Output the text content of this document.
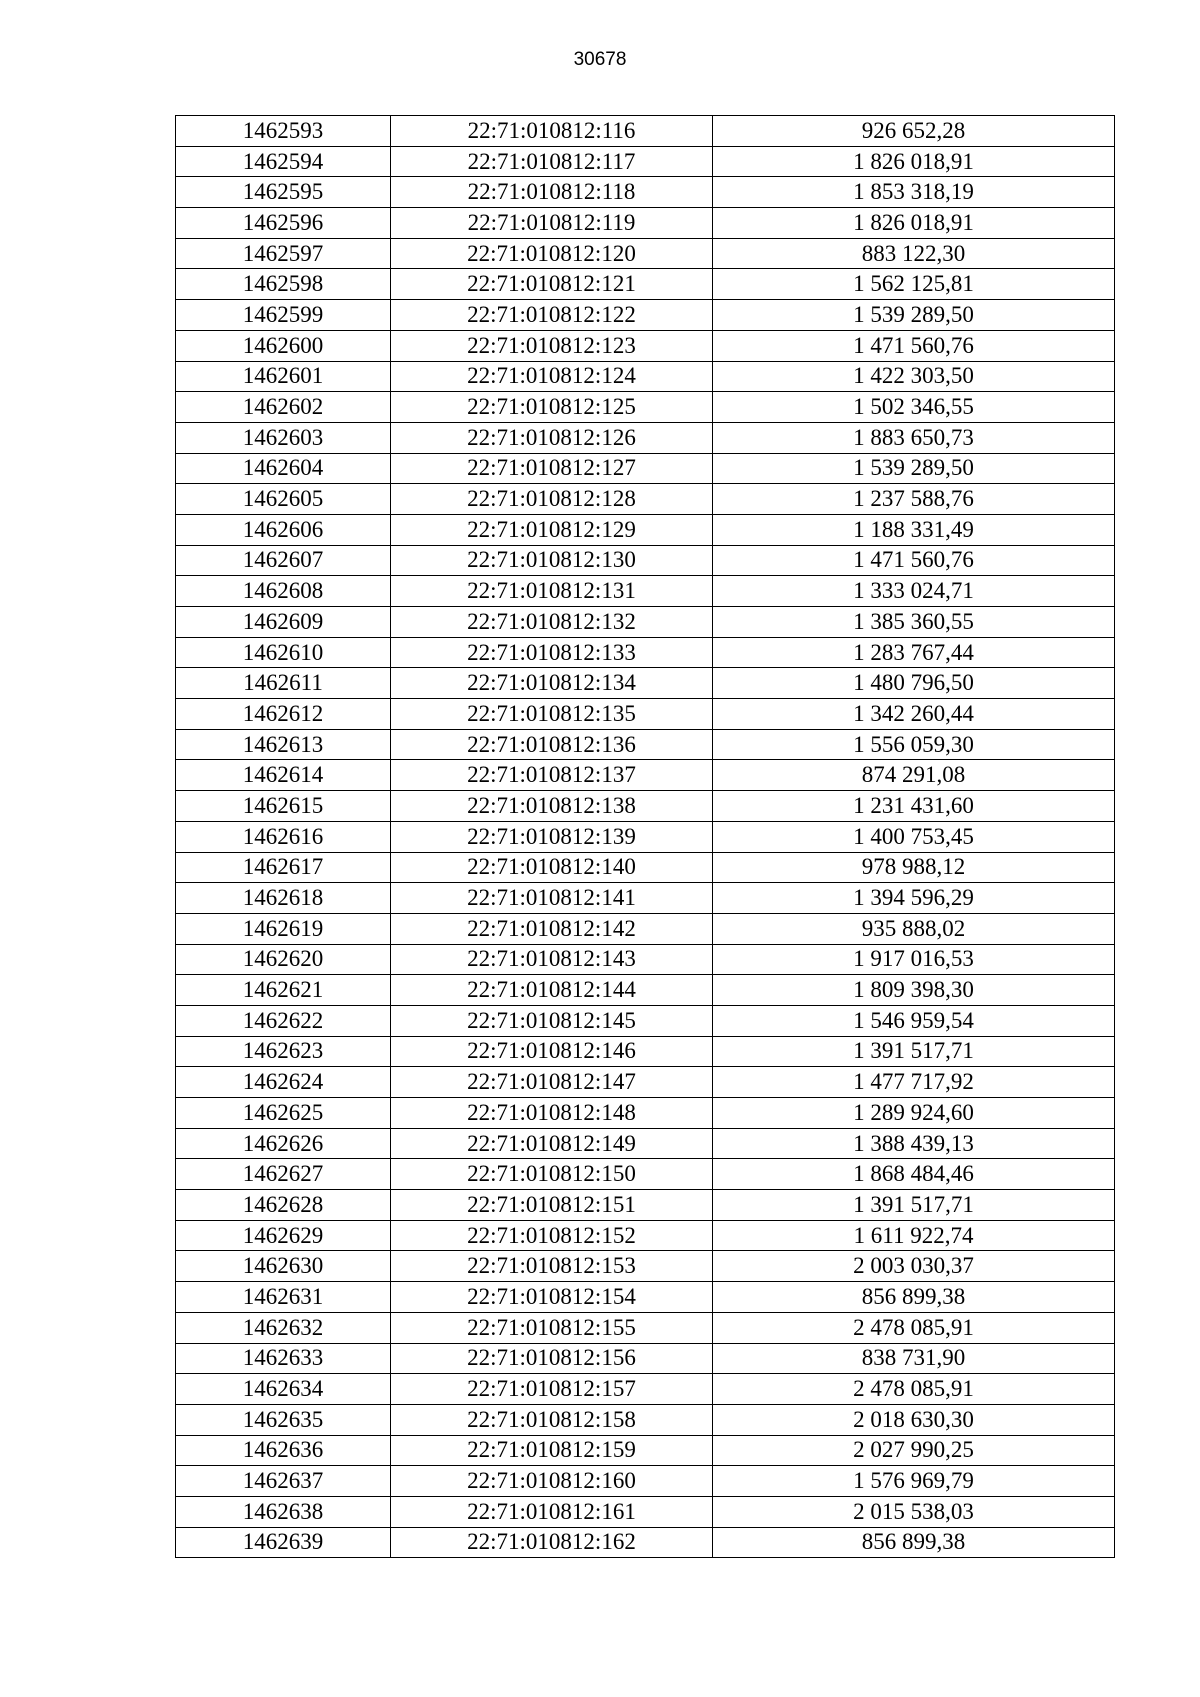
30678
1462593	22:71:010812:116	926 652,28
1462594	22:71:010812:117	1 826 018,91
1462595	22:71:010812:118	1 853 318,19
1462596	22:71:010812:119	1 826 018,91
1462597	22:71:010812:120	883 122,30
1462598	22:71:010812:121	1 562 125,81
1462599	22:71:010812:122	1 539 289,50
1462600	22:71:010812:123	1 471 560,76
1462601	22:71:010812:124	1 422 303,50
1462602	22:71:010812:125	1 502 346,55
1462603	22:71:010812:126	1 883 650,73
1462604	22:71:010812:127	1 539 289,50
1462605	22:71:010812:128	1 237 588,76
1462606	22:71:010812:129	1 188 331,49
1462607	22:71:010812:130	1 471 560,76
1462608	22:71:010812:131	1 333 024,71
1462609	22:71:010812:132	1 385 360,55
1462610	22:71:010812:133	1 283 767,44
1462611	22:71:010812:134	1 480 796,50
1462612	22:71:010812:135	1 342 260,44
1462613	22:71:010812:136	1 556 059,30
1462614	22:71:010812:137	874 291,08
1462615	22:71:010812:138	1 231 431,60
1462616	22:71:010812:139	1 400 753,45
1462617	22:71:010812:140	978 988,12
1462618	22:71:010812:141	1 394 596,29
1462619	22:71:010812:142	935 888,02
1462620	22:71:010812:143	1 917 016,53
1462621	22:71:010812:144	1 809 398,30
1462622	22:71:010812:145	1 546 959,54
1462623	22:71:010812:146	1 391 517,71
1462624	22:71:010812:147	1 477 717,92
1462625	22:71:010812:148	1 289 924,60
1462626	22:71:010812:149	1 388 439,13
1462627	22:71:010812:150	1 868 484,46
1462628	22:71:010812:151	1 391 517,71
1462629	22:71:010812:152	1 611 922,74
1462630	22:71:010812:153	2 003 030,37
1462631	22:71:010812:154	856 899,38
1462632	22:71:010812:155	2 478 085,91
1462633	22:71:010812:156	838 731,90
1462634	22:71:010812:157	2 478 085,91
1462635	22:71:010812:158	2 018 630,30
1462636	22:71:010812:159	2 027 990,25
1462637	22:71:010812:160	1 576 969,79
1462638	22:71:010812:161	2 015 538,03
1462639	22:71:010812:162	856 899,38
